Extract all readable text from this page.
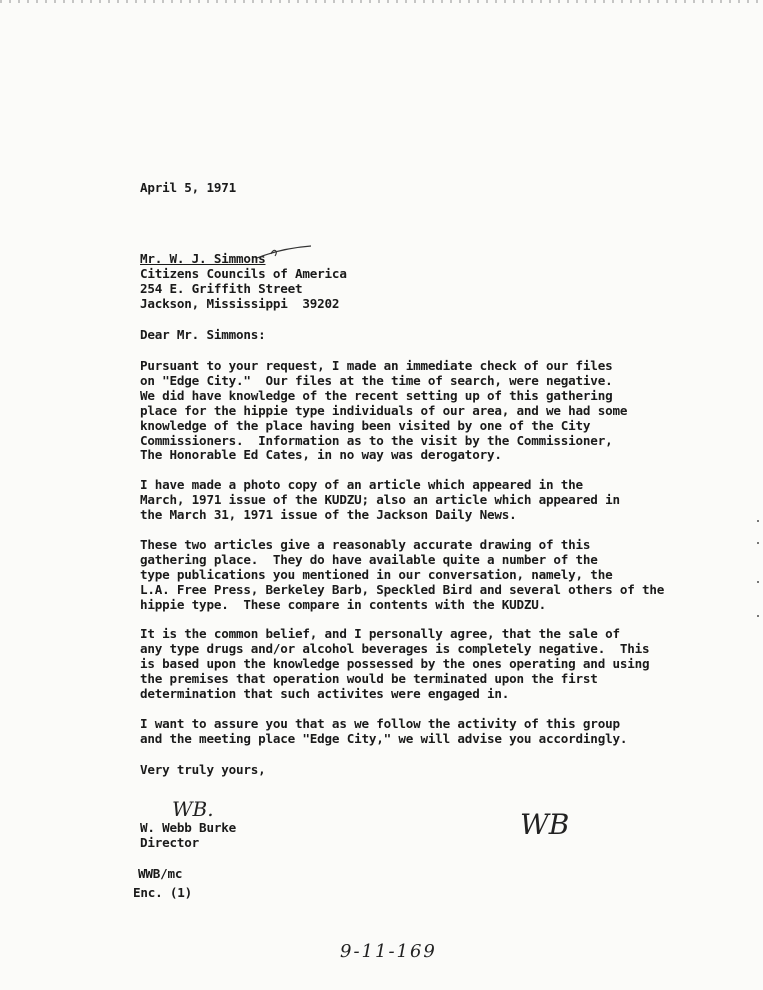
April 5, 1971
Mr. W. J. Simmons
Citizens Councils of America
254 E. Griffith Street
Jackson, Mississippi  39202
Dear Mr. Simmons:
Pursuant to your request, I made an immediate check of our files
on "Edge City."  Our files at the time of search, were negative.
We did have knowledge of the recent setting up of this gathering
place for the hippie type individuals of our area, and we had some
knowledge of the place having been visited by one of the City
Commissioners.  Information as to the visit by the Commissioner,
The Honorable Ed Cates, in no way was derogatory.
I have made a photo copy of an article which appeared in the
March, 1971 issue of the KUDZU; also an article which appeared in
the March 31, 1971 issue of the Jackson Daily News.
These two articles give a reasonably accurate drawing of this
gathering place.  They do have available quite a number of the
type publications you mentioned in our conversation, namely, the
L.A. Free Press, Berkeley Barb, Speckled Bird and several others of the
hippie type.  These compare in contents with the KUDZU.
It is the common belief, and I personally agree, that the sale of
any type drugs and/or alcohol beverages is completely negative.  This
is based upon the knowledge possessed by the ones operating and using
the premises that operation would be terminated upon the first
determination that such activites were engaged in.
I want to assure you that as we follow the activity of this group
and the meeting place "Edge City," we will advise you accordingly.
Very truly yours,
WB.
W. Webb Burke
Director
WB
WWB/mc
Enc. (1)
9-11-169
